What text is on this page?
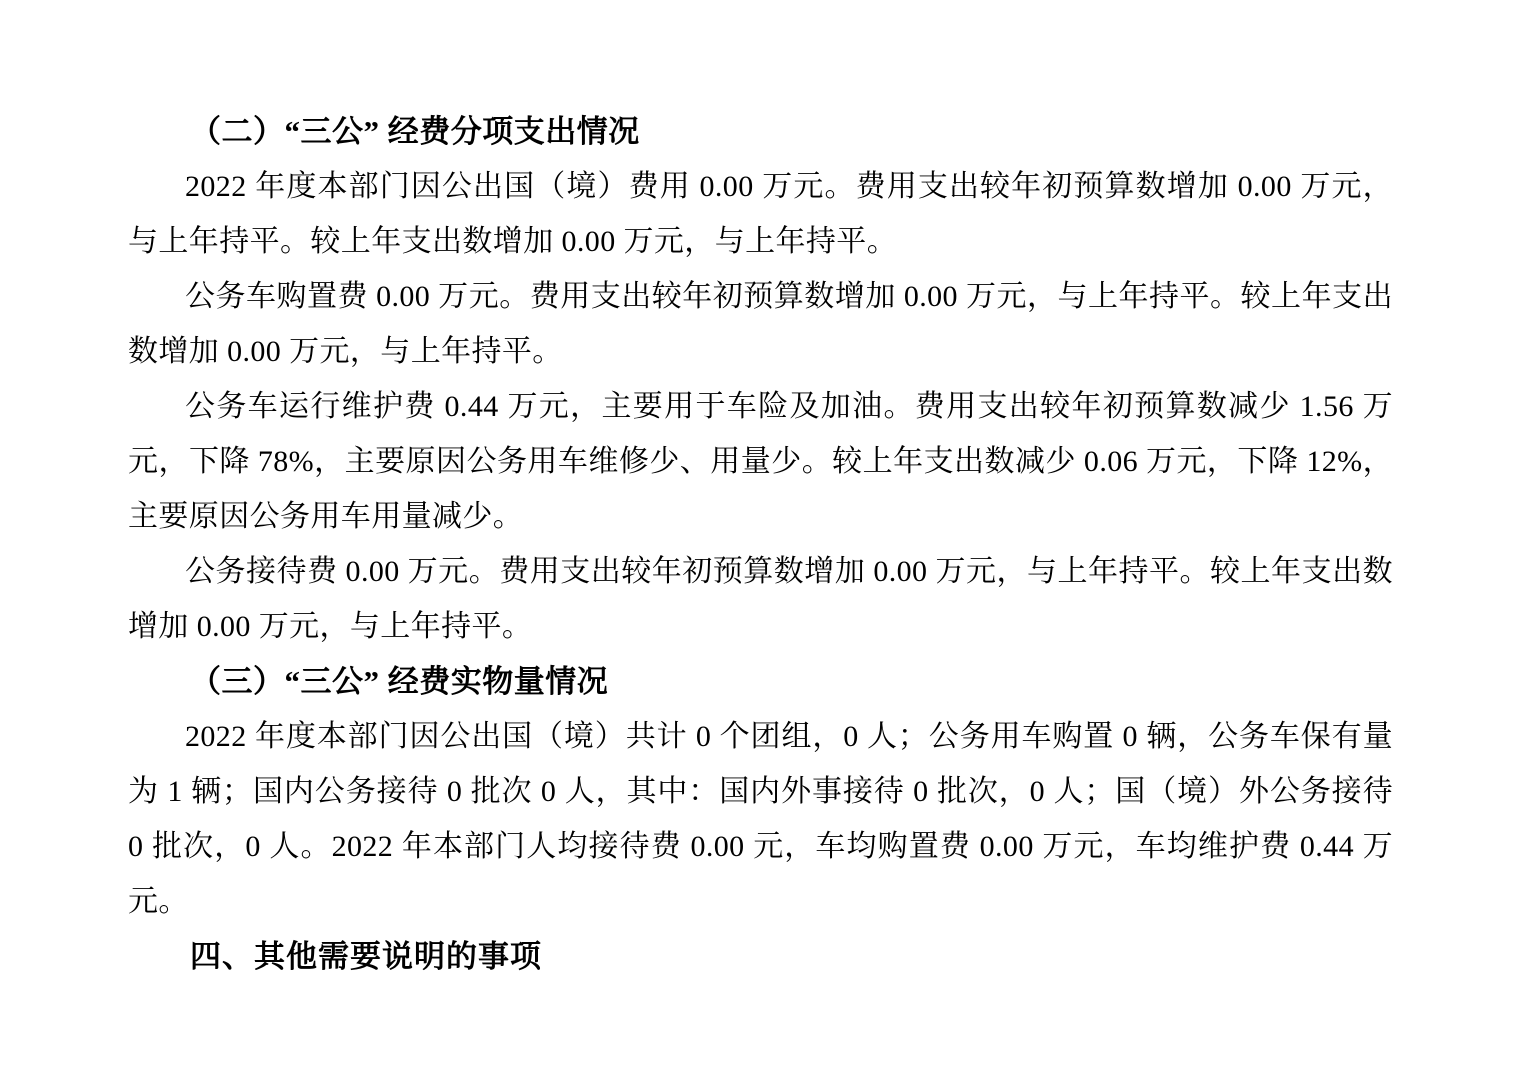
（二）“三公” 经费分项支出情况

2022 年度本部门因公出国（境）费用 0.00 万元。费用支出较年初预算数增加 0.00 万元，与上年持平。较上年支出数增加 0.00 万元，与上年持平。

公务车购置费 0.00 万元。费用支出较年初预算数增加 0.00 万元，与上年持平。较上年支出数增加 0.00 万元，与上年持平。

公务车运行维护费 0.44 万元，主要用于车险及加油。费用支出较年初预算数减少 1.56 万元，下降 78%，主要原因公务用车维修少、用量少。较上年支出数减少 0.06 万元，下降 12%，主要原因公务用车用量减少。

公务接待费 0.00 万元。费用支出较年初预算数增加 0.00 万元，与上年持平。较上年支出数增加 0.00 万元，与上年持平。

（三）“三公” 经费实物量情况

2022 年度本部门因公出国（境）共计 0 个团组，0 人；公务用车购置 0 辆，公务车保有量为 1 辆；国内公务接待 0 批次 0 人，其中：国内外事接待 0 批次，0 人；国（境）外公务接待 0 批次，0 人。2022 年本部门人均接待费 0.00 元，车均购置费 0.00 万元，车均维护费 0.44 万元。

四、其他需要说明的事项
